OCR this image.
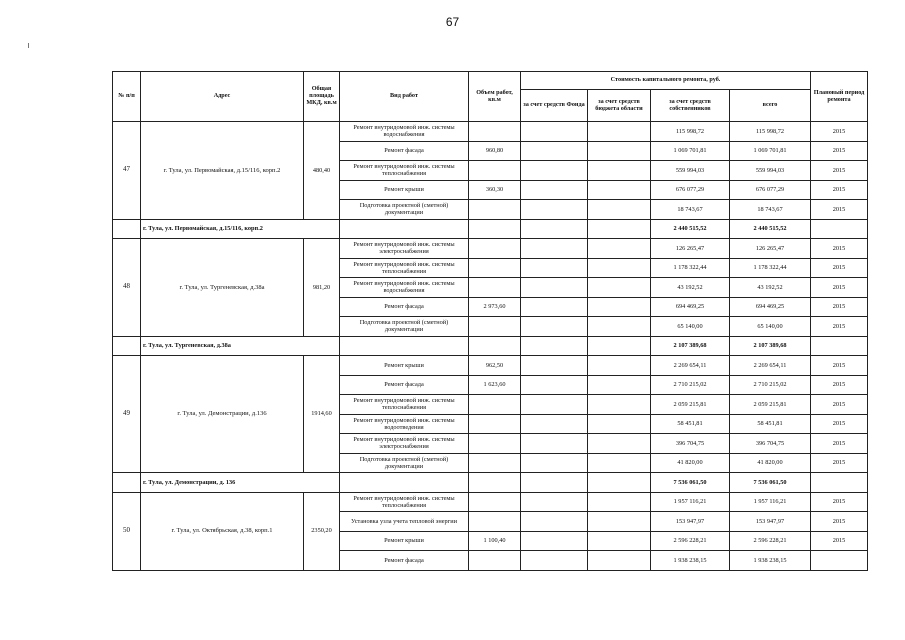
67
№ п/п	Адрес	Общая площадь МКД, кв.м	Вид работ	Объем работ, кв.м	Стоимость капитального ремонта, руб.				Плановый период ремонта
					за счет средств Фонда	за счет средств бюджета области	за счет средств собственников	всего	
47	г. Тула, ул. Первомайская, д.15/116, корп.2	480,40	Ремонт внутридомовой инж. системы водоснабжения				115 998,72	115 998,72	2015
			Ремонт фасада	960,80			1 069 701,81	1 069 701,81	2015
			Ремонт внутридомовой инж. системы теплоснабжения				559 994,03	559 994,03	2015
			Ремонт крыши	360,30			676 077,29	676 077,29	2015
			Подготовка проектной (сметной) документации				18 743,67	18 743,67	2015
	г. Тула, ул. Первомайская, д.15/116, корп.2						2 440 515,52	2 440 515,52	
48	г. Тула, ул. Тургеневская, д.38а	981,20	Ремонт внутридомовой инж. системы электроснабжения				126 265,47	126 265,47	2015
			Ремонт внутридомовой инж. системы теплоснабжения				1 178 322,44	1 178 322,44	2015
			Ремонт внутридомовой инж. системы водоснабжения				43 192,52	43 192,52	2015
			Ремонт фасада	2 973,60			694 469,25	694 469,25	2015
			Подготовка проектной (сметной) документации				65 140,00	65 140,00	2015
	г. Тула, ул. Тургеневская, д.38а						2 107 389,68	2 107 389,68	
49	г. Тула, ул. Демонстрации, д.136	1914,60	Ремонт крыши	962,50			2 269 654,11	2 269 654,11	2015
			Ремонт фасада	1 623,60			2 710 215,02	2 710 215,02	2015
			Ремонт внутридомовой инж. системы теплоснабжения				2 059 215,81	2 059 215,81	2015
			Ремонт внутридомовой инж. системы водоотведения				58 451,81	58 451,81	2015
			Ремонт внутридомовой инж. системы электроснабжения				396 704,75	396 704,75	2015
			Подготовка проектной (сметной) документации				41 820,00	41 820,00	2015
	г. Тула, ул. Демонстрации, д. 136						7 536 061,50	7 536 061,50	
50	г. Тула, ул. Октябрьская, д.38, корп.1	2350,20	Ремонт внутридомовой инж. системы теплоснабжения				1 957 116,21	1 957 116,21	2015
			Установка узла учета тепловой энергии				153 947,97	153 947,97	2015
			Ремонт крыши	1 100,40			2 596 228,21	2 596 228,21	2015
			Ремонт фасада				1 938 238,15	1 938 238,15	
